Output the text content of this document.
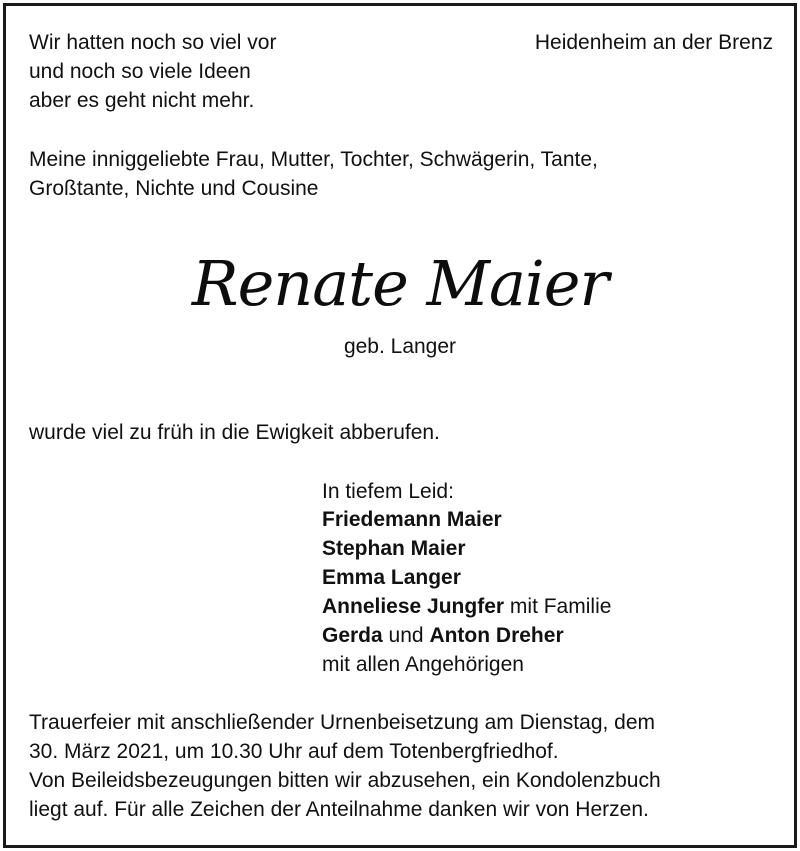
Wir hatten noch so viel vor
und noch so viele Ideen
aber es geht nicht mehr.
Heidenheim an der Brenz
Meine inniggeliebte Frau, Mutter, Tochter, Schwägerin, Tante,
Großtante, Nichte und Cousine
Renate Maier
geb. Langer
wurde viel zu früh in die Ewigkeit abberufen.
In tiefem Leid:
Friedemann Maier
Stephan Maier
Emma Langer
Anneliese Jungfer mit Familie
Gerda und Anton Dreher
mit allen Angehörigen
Trauerfeier mit anschließender Urnenbeisetzung am Dienstag, dem
30. März 2021, um 10.30 Uhr auf dem Totenbergfriedhof.
Von Beileidsbezeugungen bitten wir abzusehen, ein Kondolenzbuch
liegt auf. Für alle Zeichen der Anteilnahme danken wir von Herzen.
